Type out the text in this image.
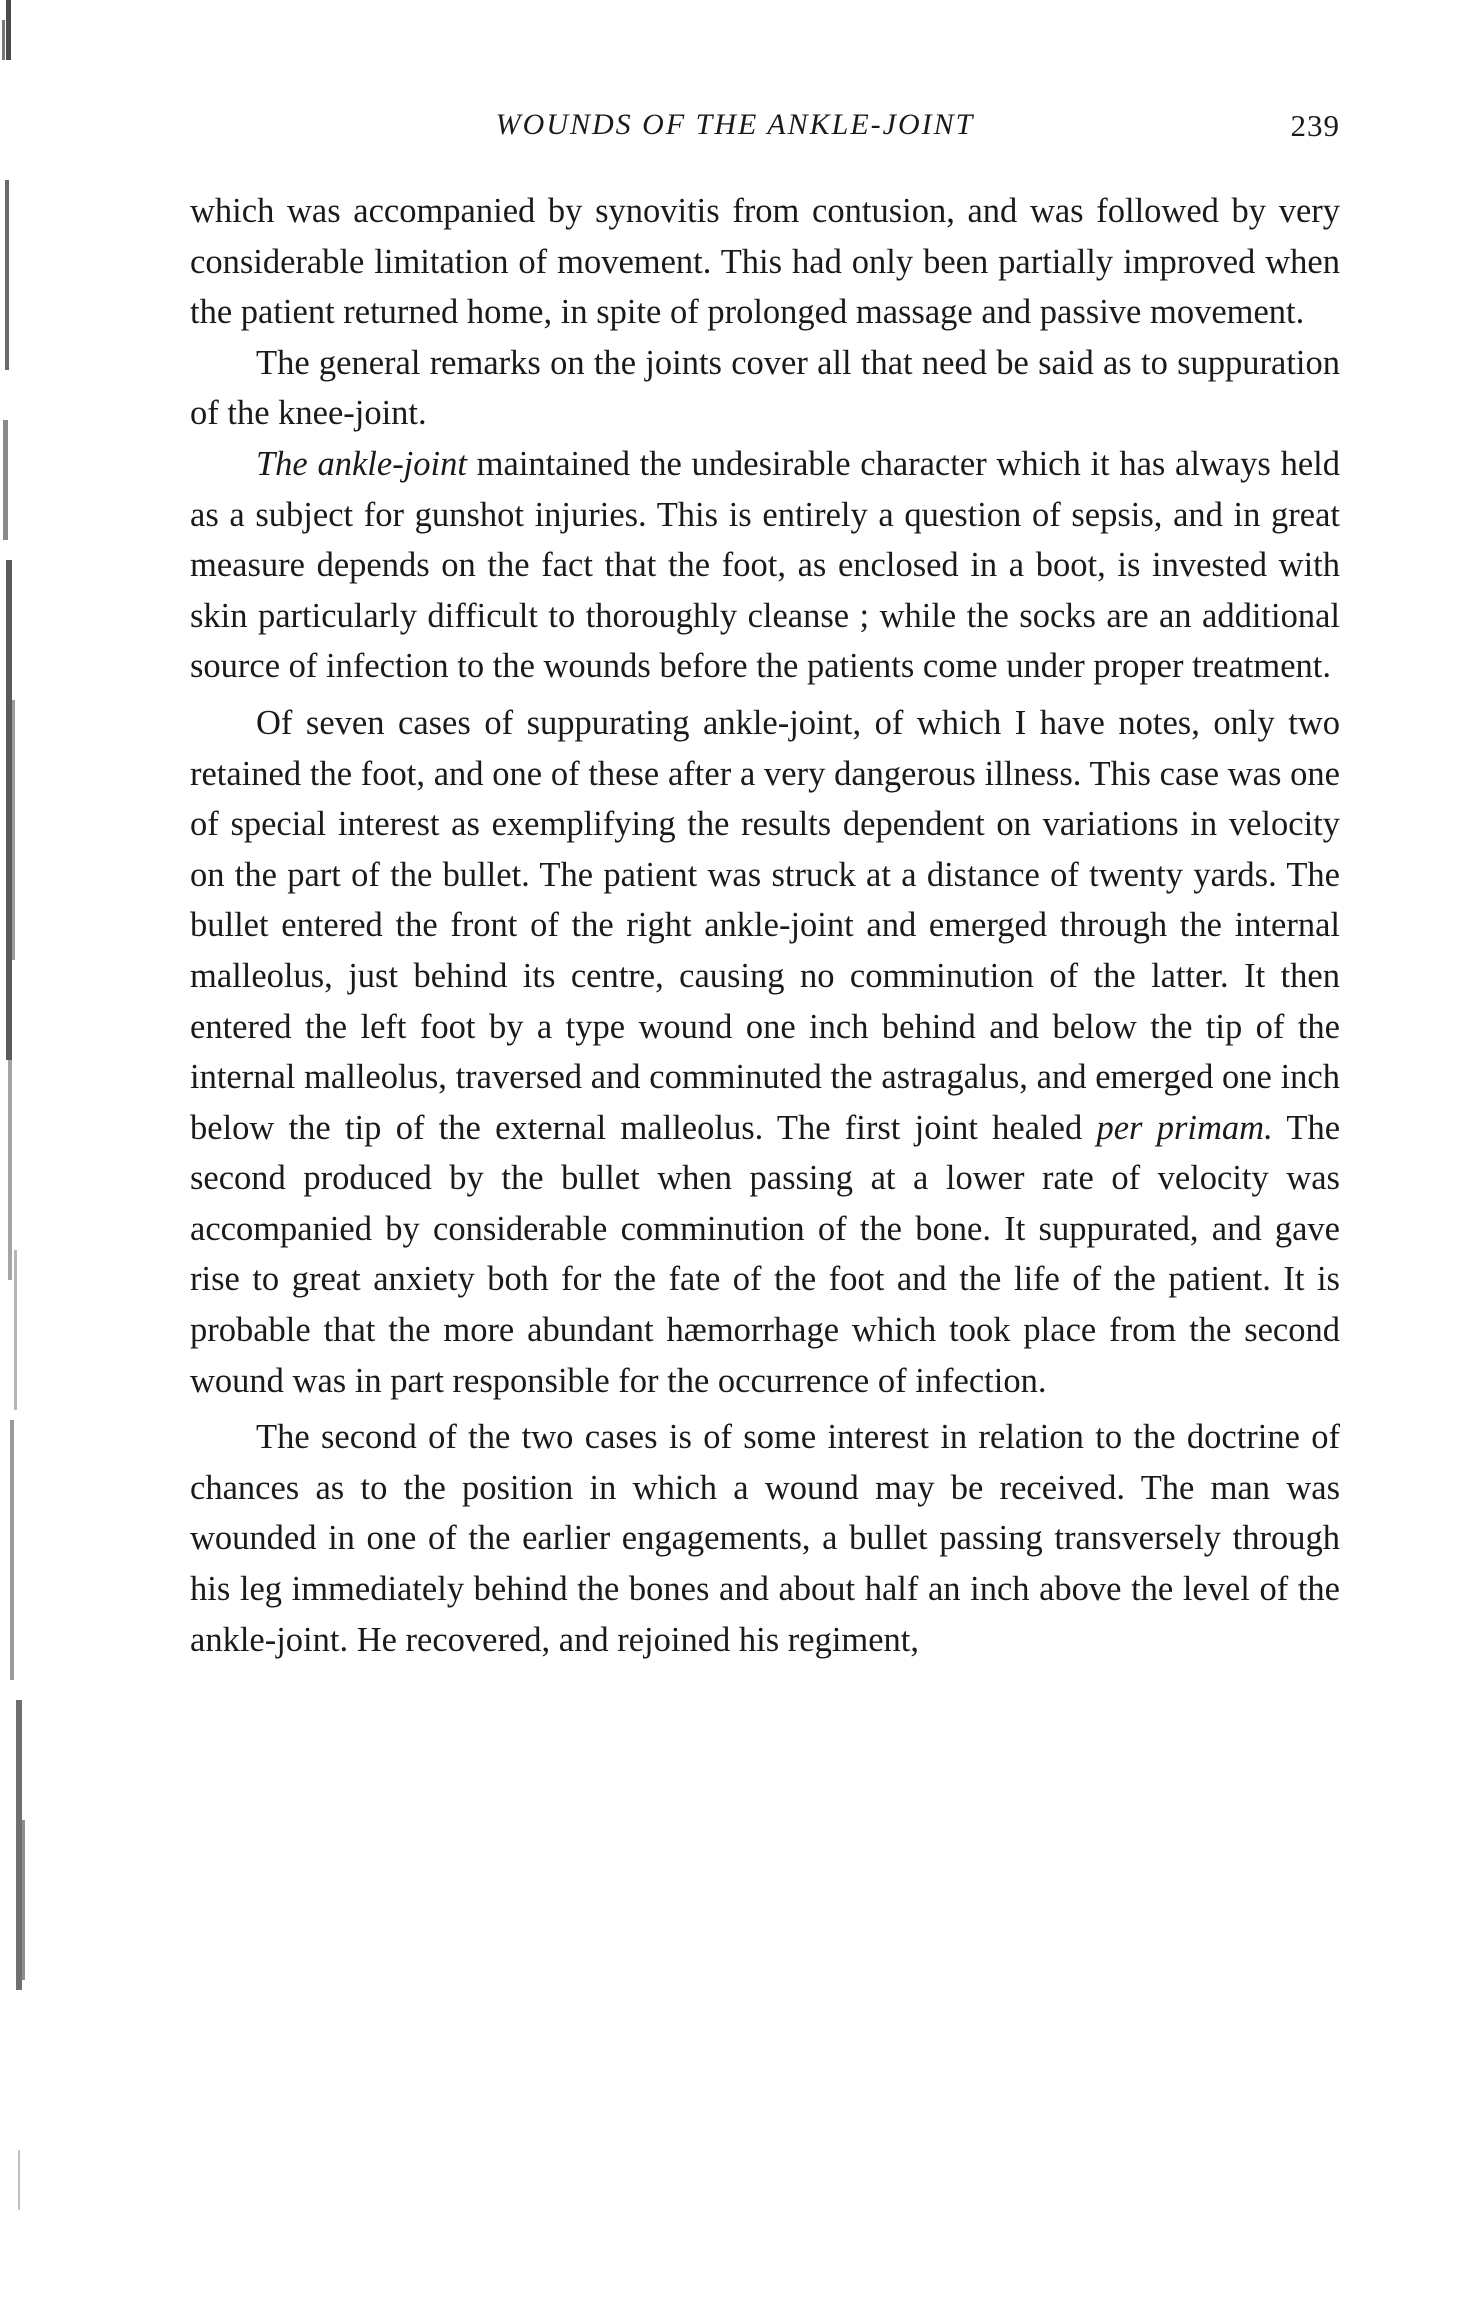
WOUNDS OF THE ANKLE-JOINT	239

which was accompanied by synovitis from contusion, and was followed by very considerable limitation of movement. This had only been partially improved when the patient returned home, in spite of prolonged massage and passive movement.

The general remarks on the joints cover all that need be said as to suppuration of the knee-joint.

The ankle-joint maintained the undesirable character which it has always held as a subject for gunshot injuries. This is entirely a question of sepsis, and in great measure depends on the fact that the foot, as enclosed in a boot, is invested with skin particularly difficult to thoroughly cleanse ; while the socks are an additional source of infection to the wounds before the patients come under proper treatment.

Of seven cases of suppurating ankle-joint, of which I have notes, only two retained the foot, and one of these after a very dangerous illness. This case was one of special interest as exemplifying the results dependent on variations in velocity on the part of the bullet. The patient was struck at a distance of twenty yards. The bullet entered the front of the right ankle-joint and emerged through the internal malleolus, just behind its centre, causing no comminution of the latter. It then entered the left foot by a type wound one inch behind and below the tip of the internal malleolus, traversed and comminuted the astragalus, and emerged one inch below the tip of the external malleolus. The first joint healed per primam. The second produced by the bullet when passing at a lower rate of velocity was accompanied by considerable comminution of the bone. It suppurated, and gave rise to great anxiety both for the fate of the foot and the life of the patient. It is probable that the more abundant hæmorrhage which took place from the second wound was in part responsible for the occurrence of infection.

The second of the two cases is of some interest in relation to the doctrine of chances as to the position in which a wound may be received. The man was wounded in one of the earlier engagements, a bullet passing transversely through his leg immediately behind the bones and about half an inch above the level of the ankle-joint. He recovered, and rejoined his regiment,
